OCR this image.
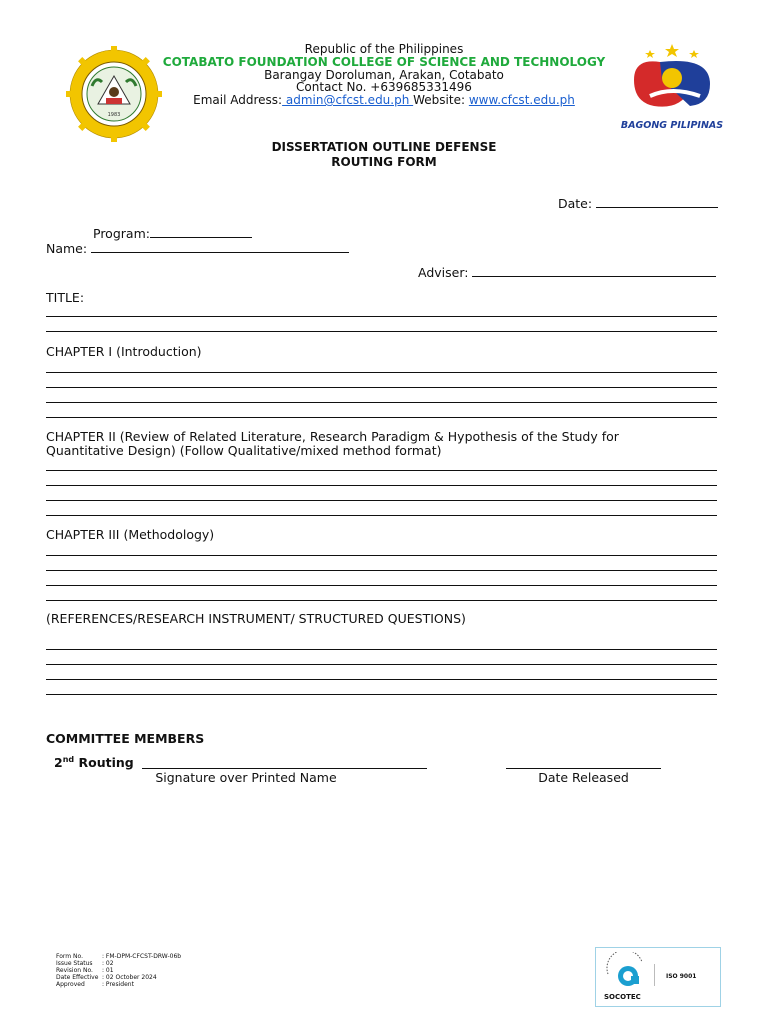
1983
BAGONG PILIPINAS
Republic of the Philippines
COTABATO FOUNDATION COLLEGE OF SCIENCE AND TECHNOLOGY
Barangay Doroluman, Arakan, Cotabato
Contact No. +639685331496
Email Address: admin@cfcst.edu.ph Website: www.cfcst.edu.ph
DISSERTATION OUTLINE DEFENSE
ROUTING FORM
Date:
Program:
Name:
Adviser:
TITLE:
CHAPTER I (Introduction)
CHAPTER II (Review of Related Literature, Research Paradigm & Hypothesis of the Study for
Quantitative Design) (Follow Qualitative/mixed method format)
CHAPTER III (Methodology)
(REFERENCES/RESEARCH INSTRUMENT/ STRUCTURED QUESTIONS)
COMMITTEE MEMBERS
2nd Routing
Signature over Printed Name	Date Released
Form No.
Issue Status
Revision No.
Date Effective
Approved
: FM-DPM-CFCST-DRW-06b
: 02
: 01
: 02 October 2024
: President
ISO 9001
SOCOTEC
